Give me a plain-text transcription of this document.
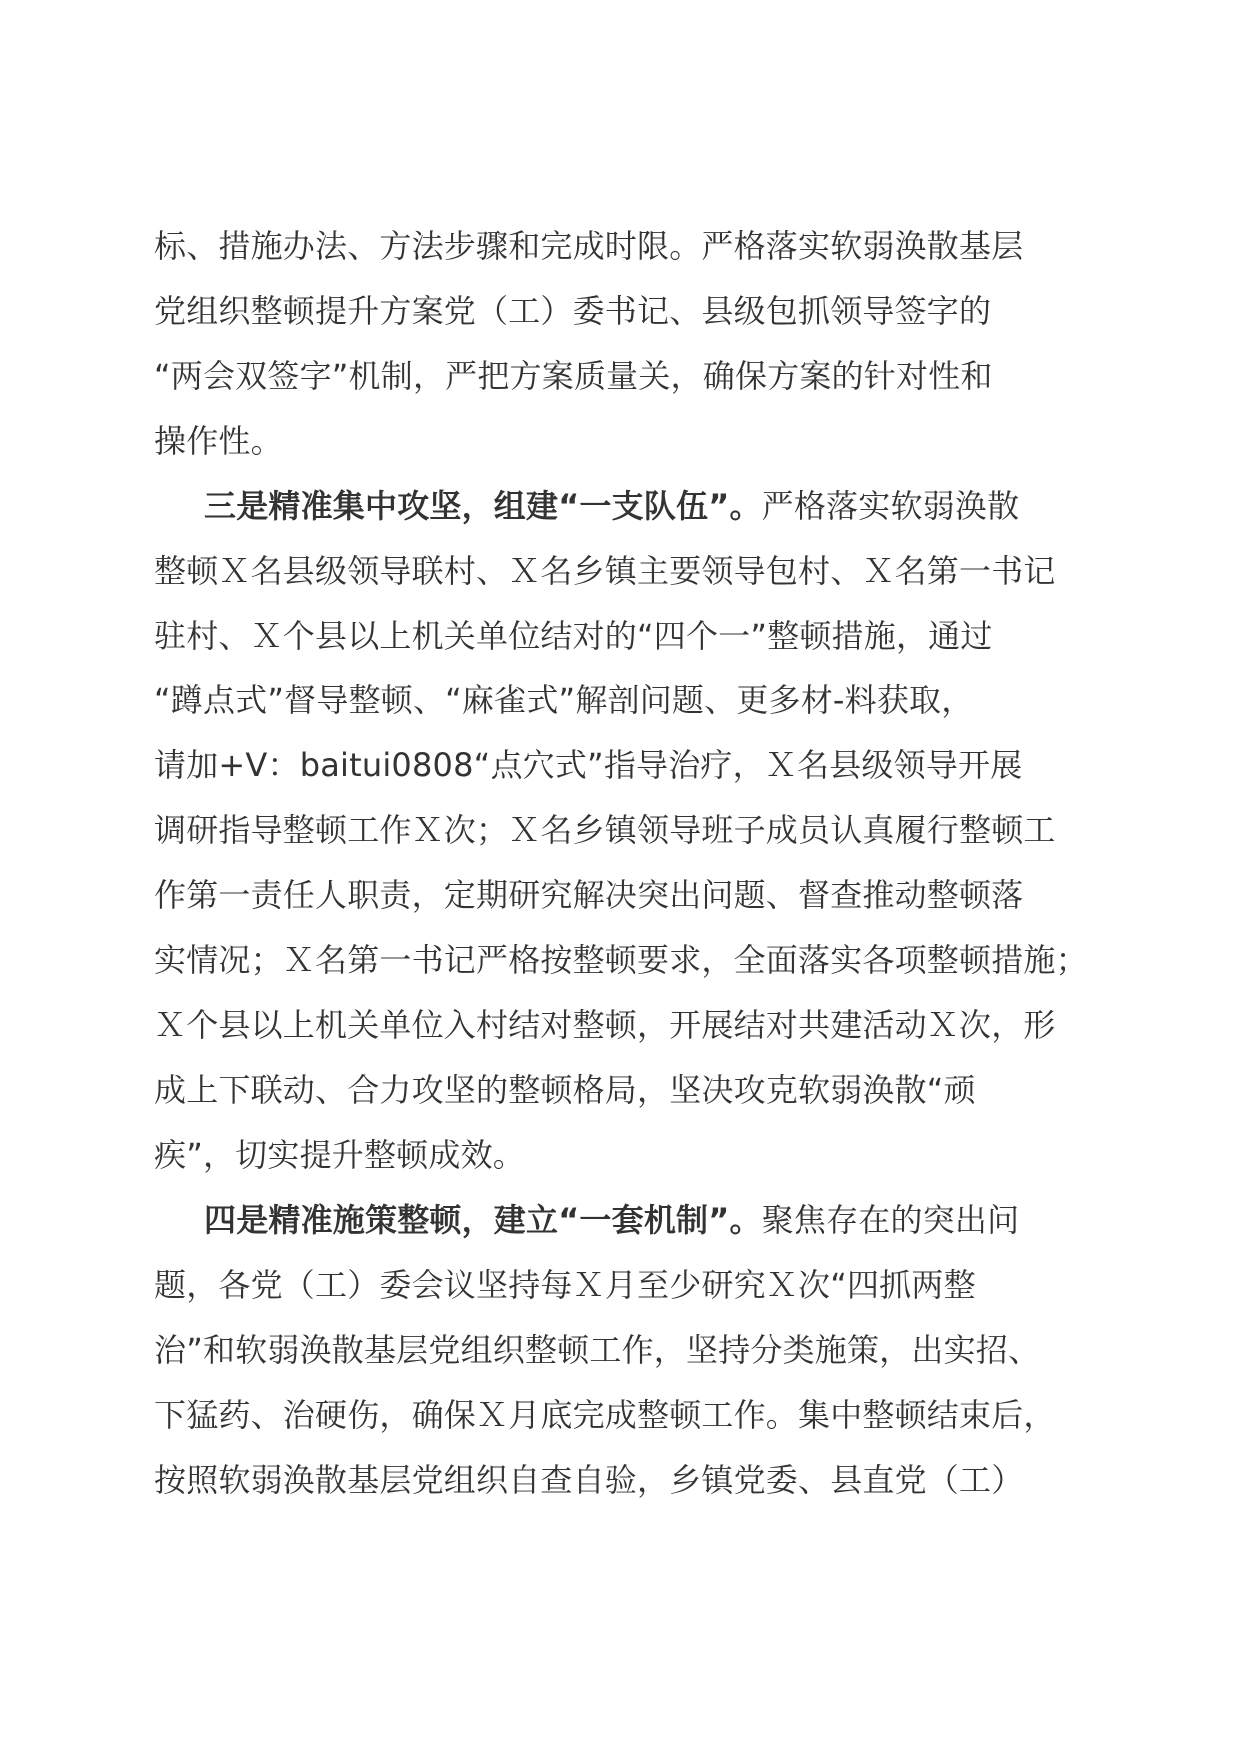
标、措施办法、方法步骤和完成时限。严格落实软弱涣散基层
党组织整顿提升方案党（工）委书记、县级包抓领导签字的
“两会双签字”机制，严把方案质量关，确保方案的针对性和
操作性。
三是精准集中攻坚，组建“一支队伍”。严格落实软弱涣散
整顿Ｘ名县级领导联村、Ｘ名乡镇主要领导包村、Ｘ名第一书记
驻村、Ｘ个县以上机关单位结对的“四个一”整顿措施，通过
“蹲点式”督导整顿、“麻雀式”解剖问题、更多材-料获取，
请加+V：baitui0808“点穴式”指导治疗，Ｘ名县级领导开展
调研指导整顿工作Ｘ次；Ｘ名乡镇领导班子成员认真履行整顿工
作第一责任人职责，定期研究解决突出问题、督查推动整顿落
实情况；Ｘ名第一书记严格按整顿要求，全面落实各项整顿措施；
Ｘ个县以上机关单位入村结对整顿，开展结对共建活动Ｘ次，形
成上下联动、合力攻坚的整顿格局，坚决攻克软弱涣散“顽
疾”，切实提升整顿成效。
四是精准施策整顿，建立“一套机制”。聚焦存在的突出问
题，各党（工）委会议坚持每Ｘ月至少研究Ｘ次“四抓两整
治”和软弱涣散基层党组织整顿工作，坚持分类施策，出实招、
下猛药、治硬伤，确保Ｘ月底完成整顿工作。集中整顿结束后，
按照软弱涣散基层党组织自查自验，乡镇党委、县直党（工）
